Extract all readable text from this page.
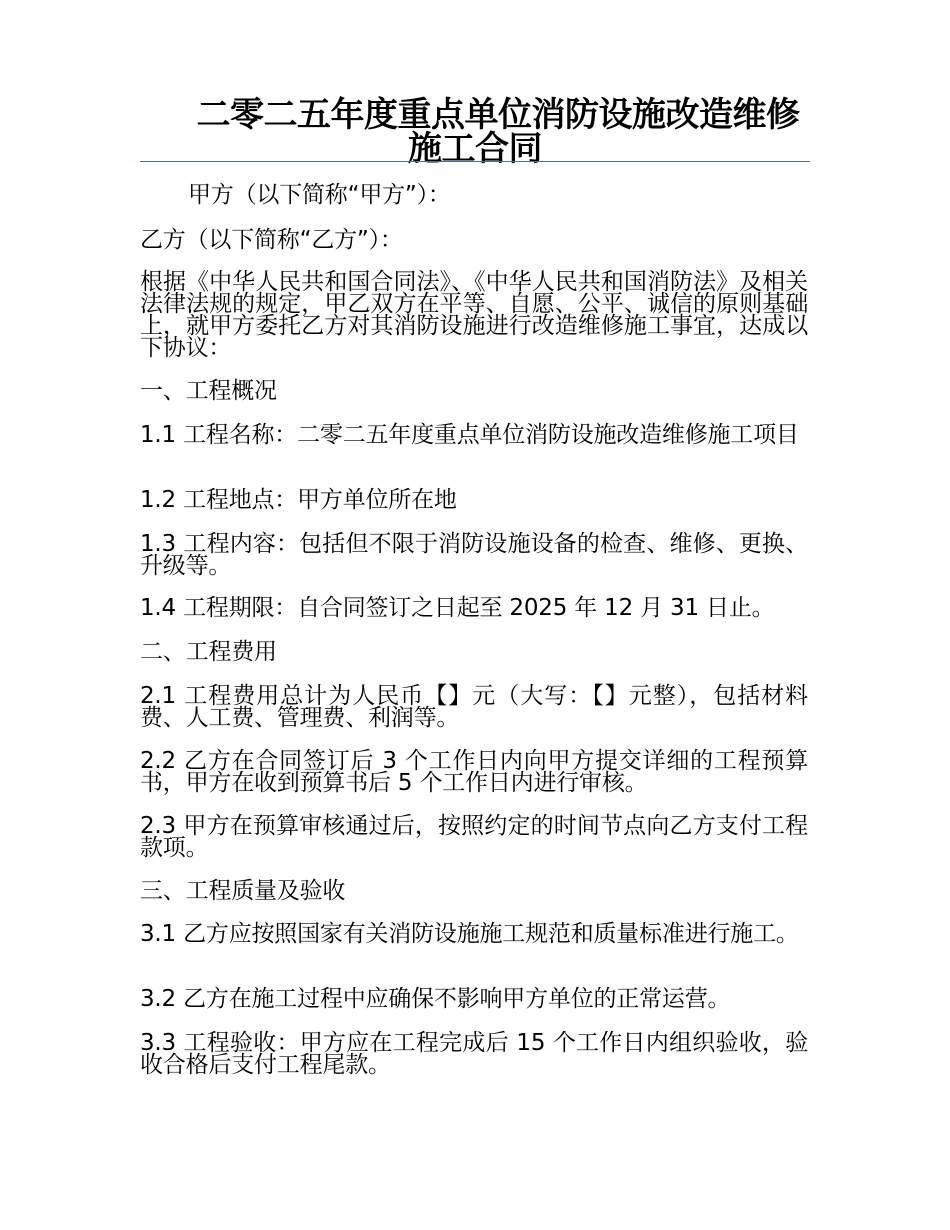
二零二五年度重点单位消防设施改造维修施工合同

甲方（以下简称“甲方”）：

乙方（以下简称“乙方”）：

根据《中华人民共和国合同法》、《中华人民共和国消防法》及相关法律法规的规定，甲乙双方在平等、自愿、公平、诚信的原则基础上，就甲方委托乙方对其消防设施进行改造维修施工事宜，达成以下协议：

一、工程概况

1.1 工程名称：二零二五年度重点单位消防设施改造维修施工项目

1.2 工程地点：甲方单位所在地

1.3 工程内容：包括但不限于消防设施设备的检查、维修、更换、升级等。

1.4 工程期限：自合同签订之日起至 2025 年 12 月 31 日止。

二、工程费用

2.1 工程费用总计为人民币【】元（大写：【】元整），包括材料费、人工费、管理费、利润等。

2.2 乙方在合同签订后 3 个工作日内向甲方提交详细的工程预算书，甲方在收到预算书后 5 个工作日内进行审核。

2.3 甲方在预算审核通过后，按照约定的时间节点向乙方支付工程款项。

三、工程质量及验收

3.1 乙方应按照国家有关消防设施施工规范和质量标准进行施工。

3.2 乙方在施工过程中应确保不影响甲方单位的正常运营。

3.3 工程验收：甲方应在工程完成后 15 个工作日内组织验收，验收合格后支付工程尾款。
